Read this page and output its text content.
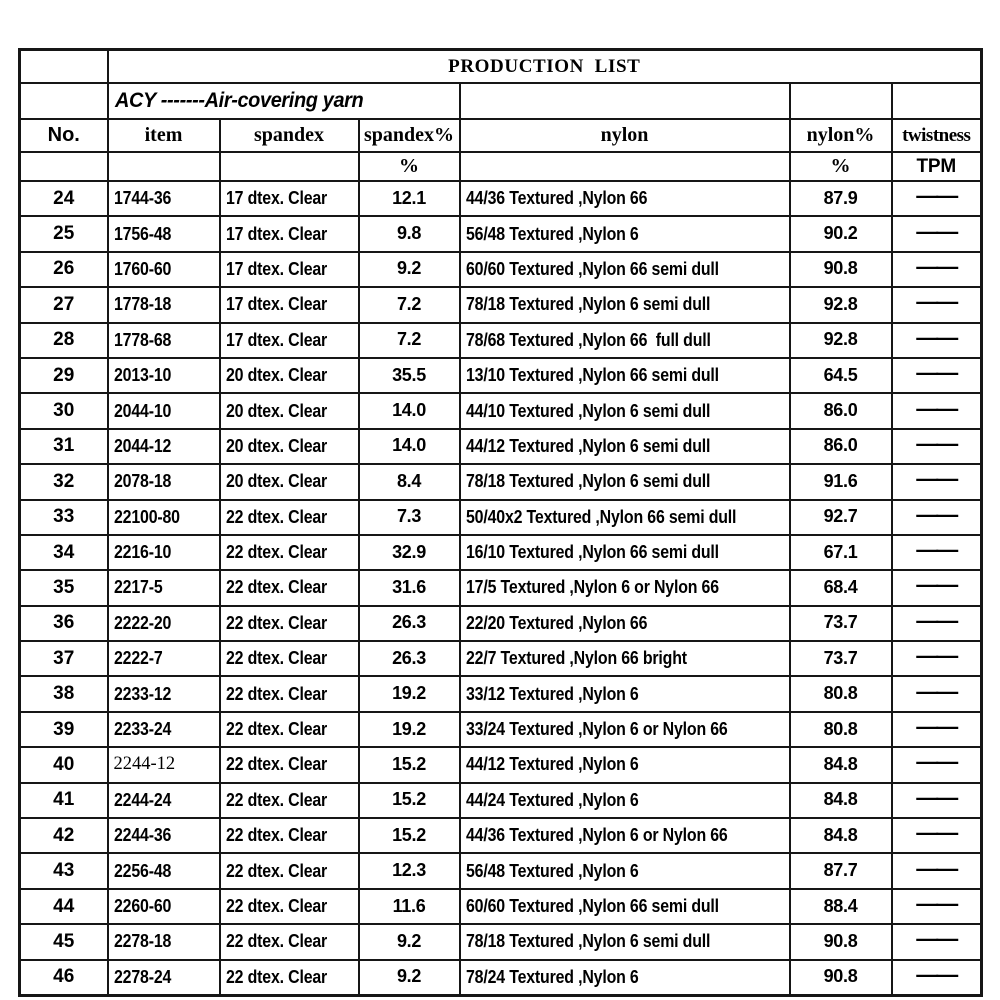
	PRODUCTION  LIST					
	ACY -------Air-covering yarn					
No.	item	spandex	spandex%	nylon	nylon%	twistness
			%		%	TPM
24	1744-36	17 dtex. Clear	12.1	44/36 Textured ,Nylon 66	87.9	——
25	1756-48	17 dtex. Clear	9.8	56/48 Textured ,Nylon 6	90.2	——
26	1760-60	17 dtex. Clear	9.2	60/60 Textured ,Nylon 66 semi dull	90.8	——
27	1778-18	17 dtex. Clear	7.2	78/18 Textured ,Nylon 6 semi dull	92.8	——
28	1778-68	17 dtex. Clear	7.2	78/68 Textured ,Nylon 66  full dull	92.8	——
29	2013-10	20 dtex. Clear	35.5	13/10 Textured ,Nylon 66 semi dull	64.5	——
30	2044-10	20 dtex. Clear	14.0	44/10 Textured ,Nylon 6 semi dull	86.0	——
31	2044-12	20 dtex. Clear	14.0	44/12 Textured ,Nylon 6 semi dull	86.0	——
32	2078-18	20 dtex. Clear	8.4	78/18 Textured ,Nylon 6 semi dull	91.6	——
33	22100-80	22 dtex. Clear	7.3	50/40x2 Textured ,Nylon 66 semi dull	92.7	——
34	2216-10	22 dtex. Clear	32.9	16/10 Textured ,Nylon 66 semi dull	67.1	——
35	2217-5	22 dtex. Clear	31.6	17/5 Textured ,Nylon 6 or Nylon 66	68.4	——
36	2222-20	22 dtex. Clear	26.3	22/20 Textured ,Nylon 66	73.7	——
37	2222-7	22 dtex. Clear	26.3	22/7 Textured ,Nylon 66 bright	73.7	——
38	2233-12	22 dtex. Clear	19.2	33/12 Textured ,Nylon 6	80.8	——
39	2233-24	22 dtex. Clear	19.2	33/24 Textured ,Nylon 6 or Nylon 66	80.8	——
40	2244-12	22 dtex. Clear	15.2	44/12 Textured ,Nylon 6	84.8	——
41	2244-24	22 dtex. Clear	15.2	44/24 Textured ,Nylon 6	84.8	——
42	2244-36	22 dtex. Clear	15.2	44/36 Textured ,Nylon 6 or Nylon 66	84.8	——
43	2256-48	22 dtex. Clear	12.3	56/48 Textured ,Nylon 6	87.7	——
44	2260-60	22 dtex. Clear	11.6	60/60 Textured ,Nylon 66 semi dull	88.4	——
45	2278-18	22 dtex. Clear	9.2	78/18 Textured ,Nylon 6 semi dull	90.8	——
46	2278-24	22 dtex. Clear	9.2	78/24 Textured ,Nylon 6	90.8	——
